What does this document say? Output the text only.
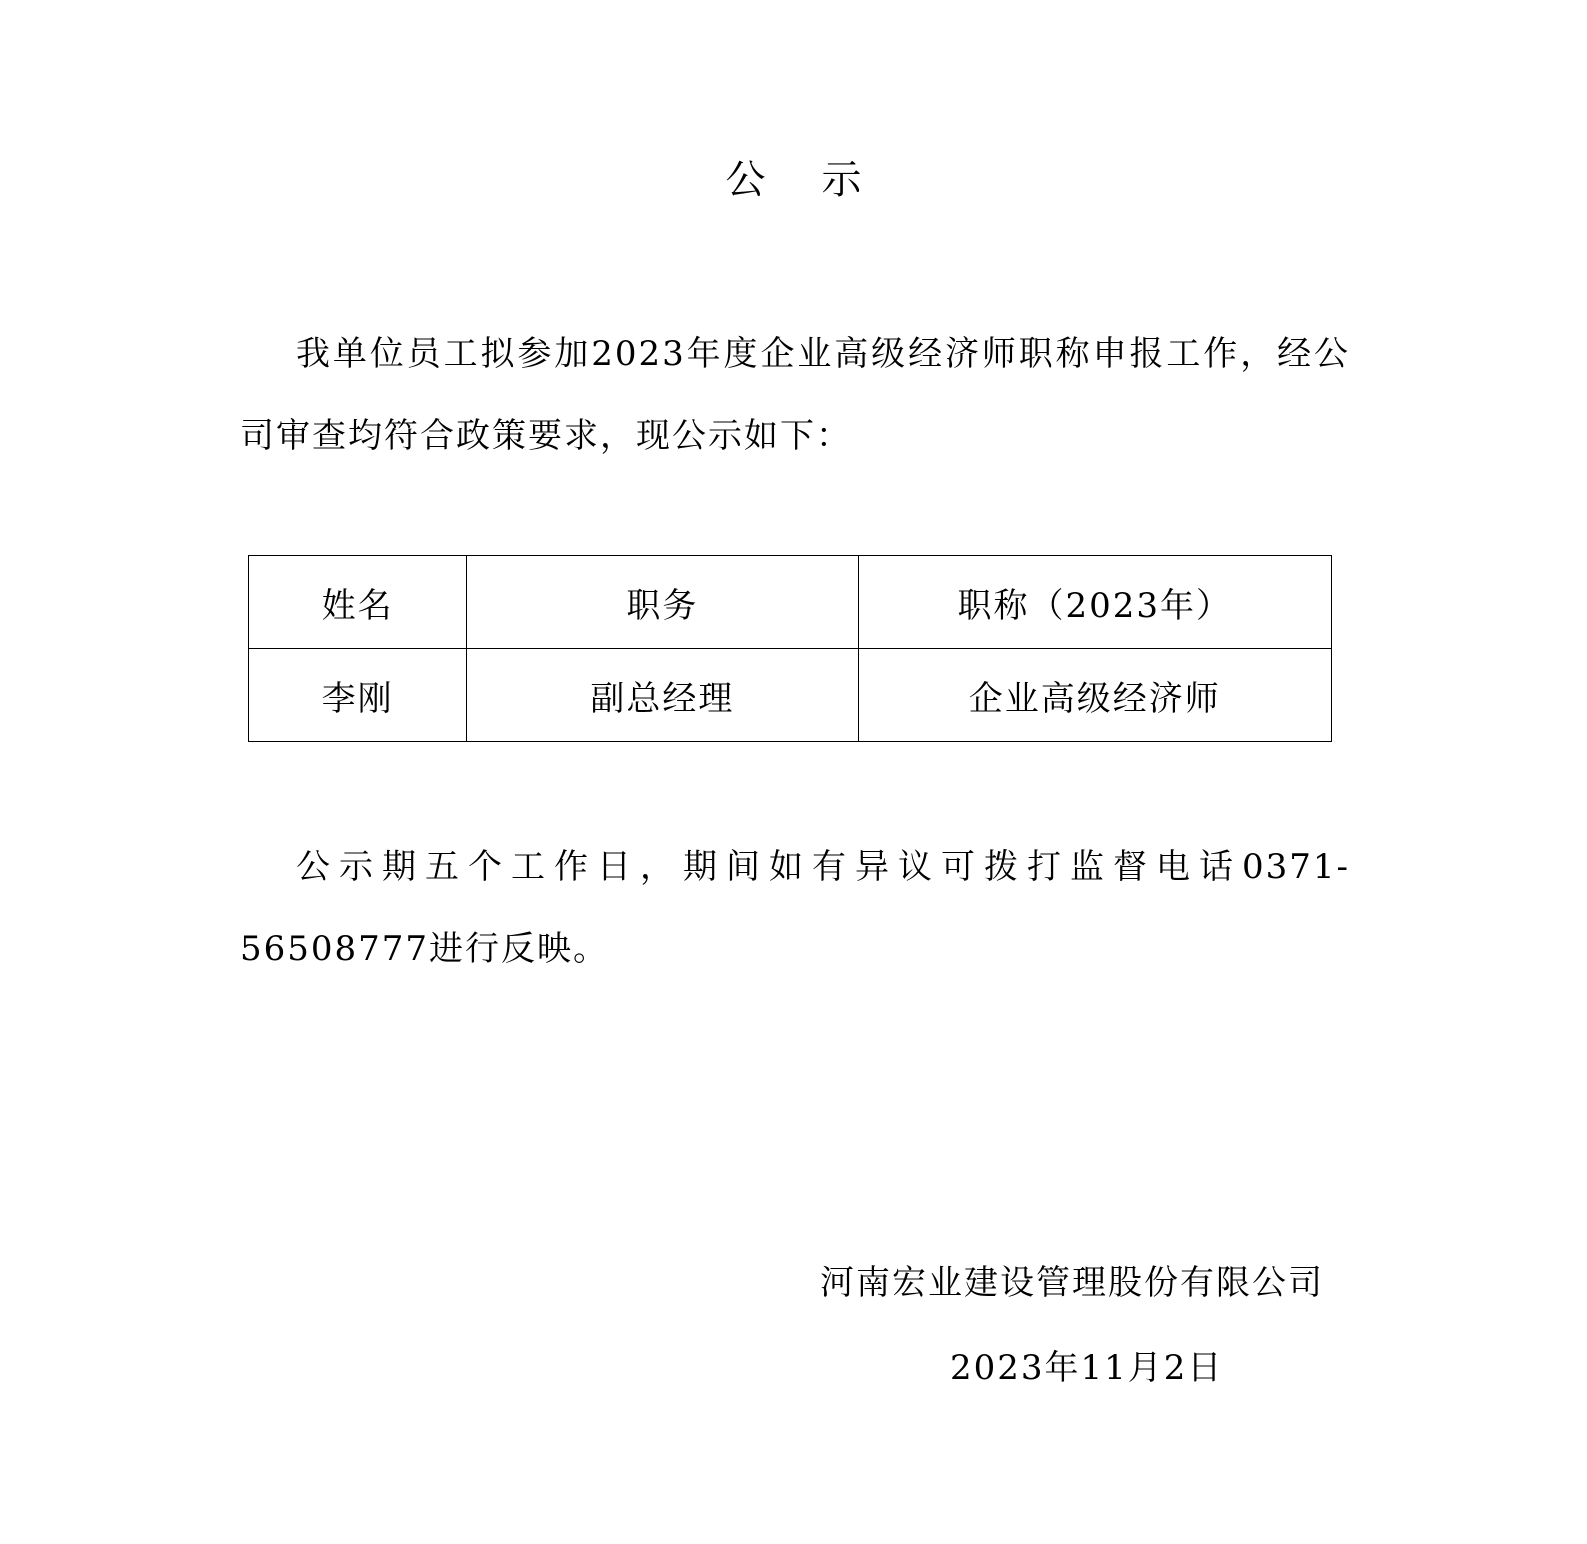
公示

我单位员工拟参加2023年度企业高级经济师职称申报工作，经公司审查均符合政策要求，现公示如下：

姓名	职务	职称（2023年）
李刚	副总经理	企业高级经济师

公示期五个工作日，期间如有异议可拨打监督电话0371-56508777进行反映。

河南宏业建设管理股份有限公司
2023年11月2日
